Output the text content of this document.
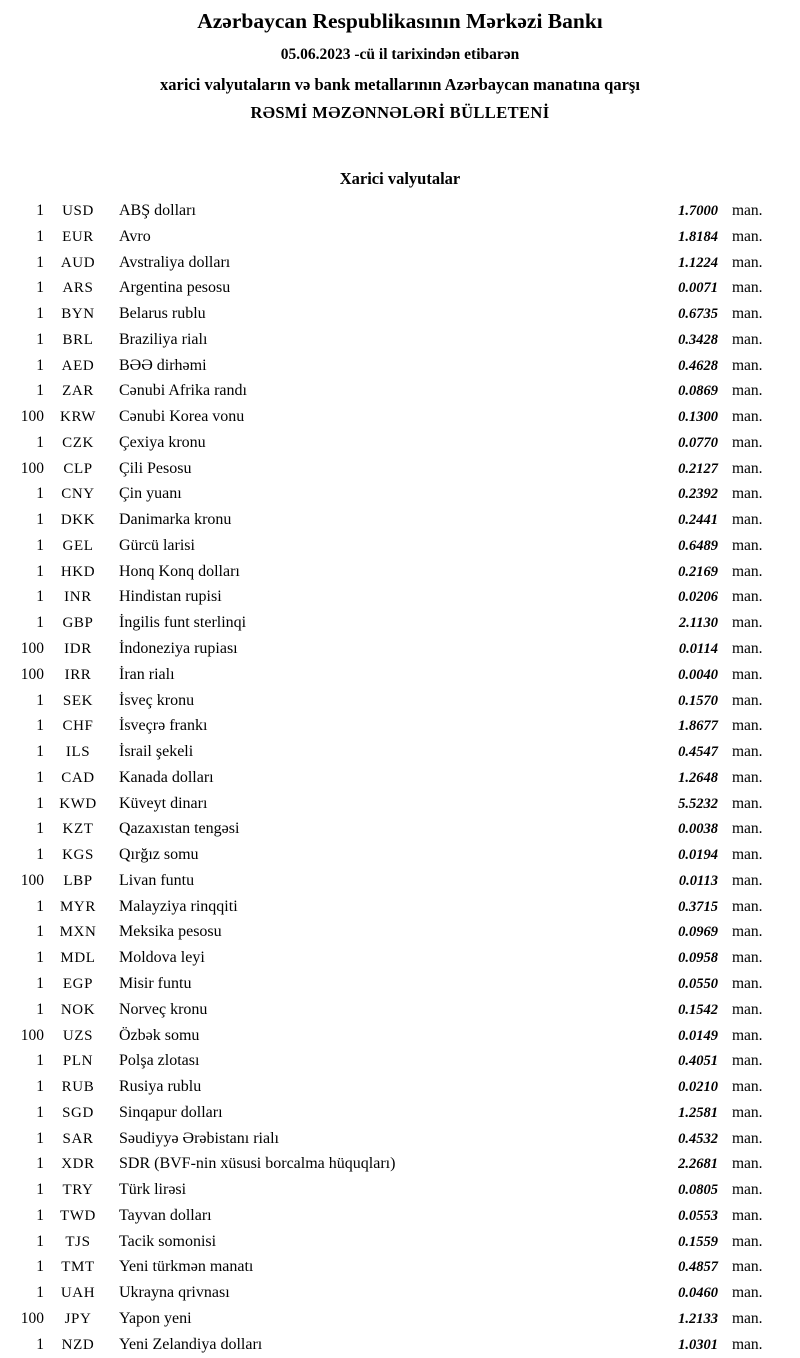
Azərbaycan Respublikasının Mərkəzi Bankı
05.06.2023 -cü il tarixindən etibarən
xarici valyutaların və bank metallarının Azərbaycan manatına qarşı
RƏSMİ MƏZƏNNƏLƏRİ BÜLLETENİ
Xarici valyutalar
1	USD	ABŞ dolları	1.7000 man.
1	EUR	Avro	1.8184 man.
1	AUD	Avstraliya dolları	1.1224 man.
1	ARS	Argentina pesosu	0.0071 man.
1	BYN	Belarus rublu	0.6735 man.
1	BRL	Braziliya rialı	0.3428 man.
1	AED	BƏƏ dirhəmi	0.4628 man.
1	ZAR	Cənubi Afrika randı	0.0869 man.
100	KRW	Cənubi Korea vonu	0.1300 man.
1	CZK	Çexiya kronu	0.0770 man.
100	CLP	Çili Pesosu	0.2127 man.
1	CNY	Çin yuanı	0.2392 man.
1	DKK	Danimarka kronu	0.2441 man.
1	GEL	Gürcü larisi	0.6489 man.
1	HKD	Honq Konq dolları	0.2169 man.
1	INR	Hindistan rupisi	0.0206 man.
1	GBP	İngilis funt sterlinqi	2.1130 man.
100	IDR	İndoneziya rupiası	0.0114 man.
100	IRR	İran rialı	0.0040 man.
1	SEK	İsveç kronu	0.1570 man.
1	CHF	İsveçrə frankı	1.8677 man.
1	ILS	İsrail şekeli	0.4547 man.
1	CAD	Kanada dolları	1.2648 man.
1	KWD	Küveyt dinarı	5.5232 man.
1	KZT	Qazaxıstan tengəsi	0.0038 man.
1	KGS	Qırğız somu	0.0194 man.
100	LBP	Livan funtu	0.0113 man.
1	MYR	Malayziya rinqqiti	0.3715 man.
1	MXN	Meksika pesosu	0.0969 man.
1	MDL	Moldova leyi	0.0958 man.
1	EGP	Misir funtu	0.0550 man.
1	NOK	Norveç kronu	0.1542 man.
100	UZS	Özbək somu	0.0149 man.
1	PLN	Polşa zlotası	0.4051 man.
1	RUB	Rusiya rublu	0.0210 man.
1	SGD	Sinqapur dolları	1.2581 man.
1	SAR	Səudiyyə Ərəbistanı rialı	0.4532 man.
1	XDR	SDR (BVF-nin xüsusi borcalma hüquqları)	2.2681 man.
1	TRY	Türk lirəsi	0.0805 man.
1	TWD	Tayvan dolları	0.0553 man.
1	TJS	Tacik somonisi	0.1559 man.
1	TMT	Yeni türkmən manatı	0.4857 man.
1	UAH	Ukrayna qrivnası	0.0460 man.
100	JPY	Yapon yeni	1.2133 man.
1	NZD	Yeni Zelandiya dolları	1.0301 man.
